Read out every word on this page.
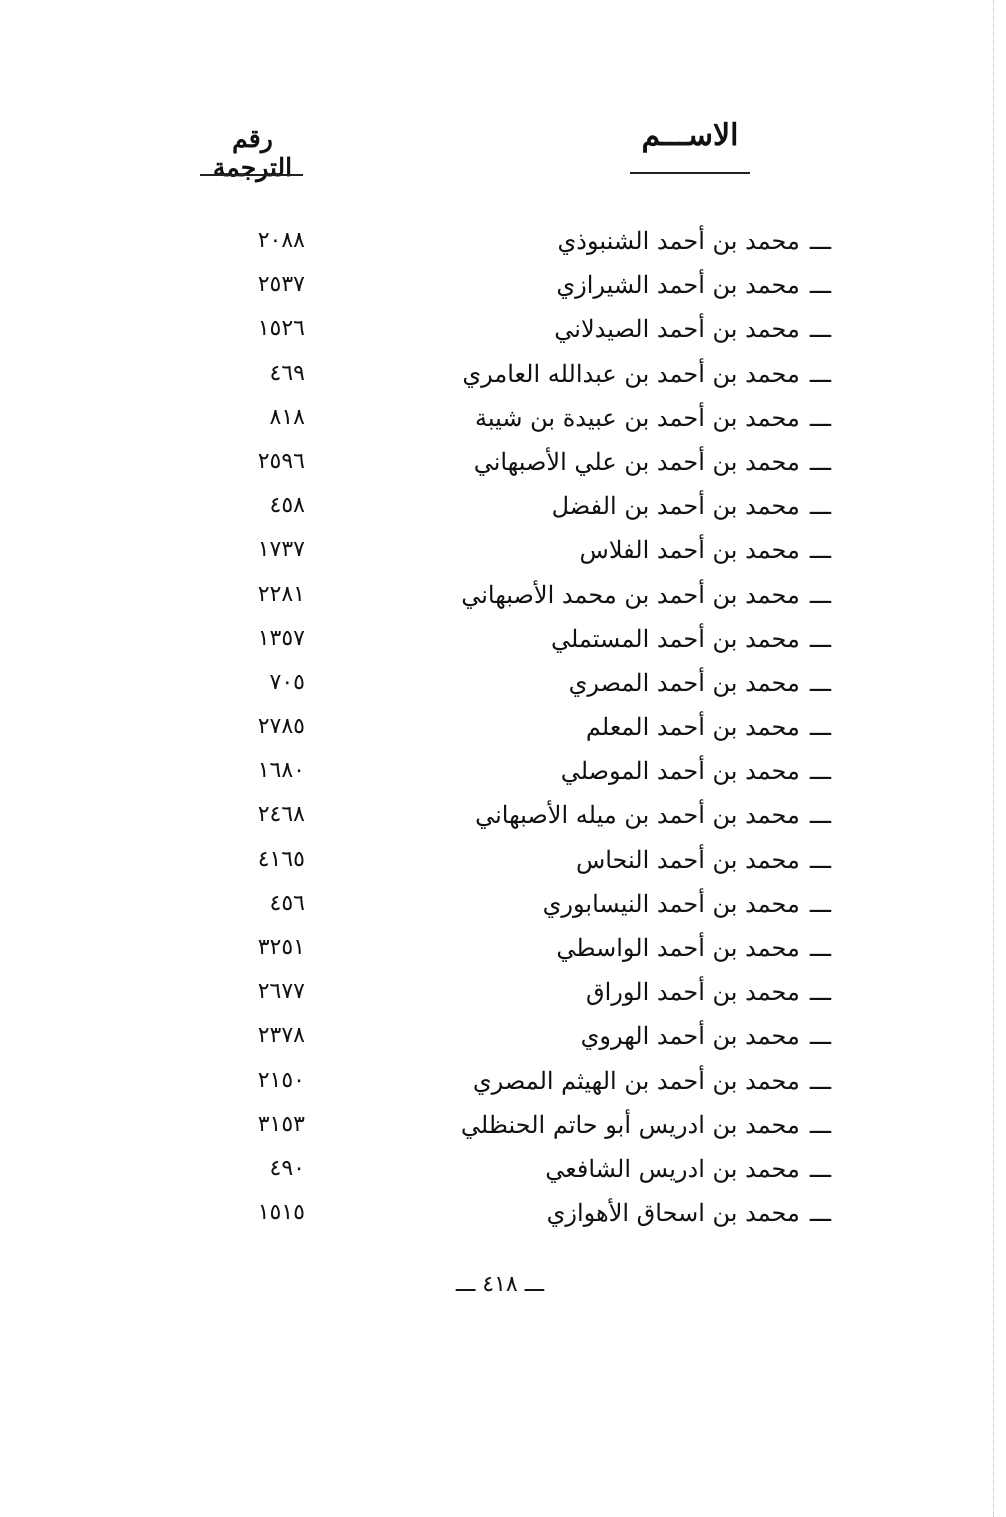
الاســـم
رقم الترجمة
ـــمحمد بن أحمد الشنبوذي
٢٠٨٨
ـــمحمد بن أحمد الشيرازي
٢٥٣٧
ـــمحمد بن أحمد الصيدلاني
١٥٢٦
ـــمحمد بن أحمد بن عبدالله العامري
٤٦٩
ـــمحمد بن أحمد بن عبيدة بن شيبة
٨١٨
ـــمحمد بن أحمد بن علي الأصبهاني
٢٥٩٦
ـــمحمد بن أحمد بن الفضل
٤٥٨
ـــمحمد بن أحمد الفلاس
١٧٣٧
ـــمحمد بن أحمد بن محمد الأصبهاني
٢٢٨١
ـــمحمد بن أحمد المستملي
١٣٥٧
ـــمحمد بن أحمد المصري
٧٠٥
ـــمحمد بن أحمد المعلم
٢٧٨٥
ـــمحمد بن أحمد الموصلي
١٦٨٠
ـــمحمد بن أحمد بن ميله الأصبهاني
٢٤٦٨
ـــمحمد بن أحمد النحاس
٤١٦٥
ـــمحمد بن أحمد النيسابوري
٤٥٦
ـــمحمد بن أحمد الواسطي
٣٢٥١
ـــمحمد بن أحمد الوراق
٢٦٧٧
ـــمحمد بن أحمد الهروي
٢٣٧٨
ـــمحمد بن أحمد بن الهيثم المصري
٢١٥٠
ـــمحمد بن ادريس أبو حاتم الحنظلي
٣١٥٣
ـــمحمد بن ادريس الشافعي
٤٩٠
ـــمحمد بن اسحاق الأهوازي
١٥١٥
ـــ ٤١٨ ـــ
